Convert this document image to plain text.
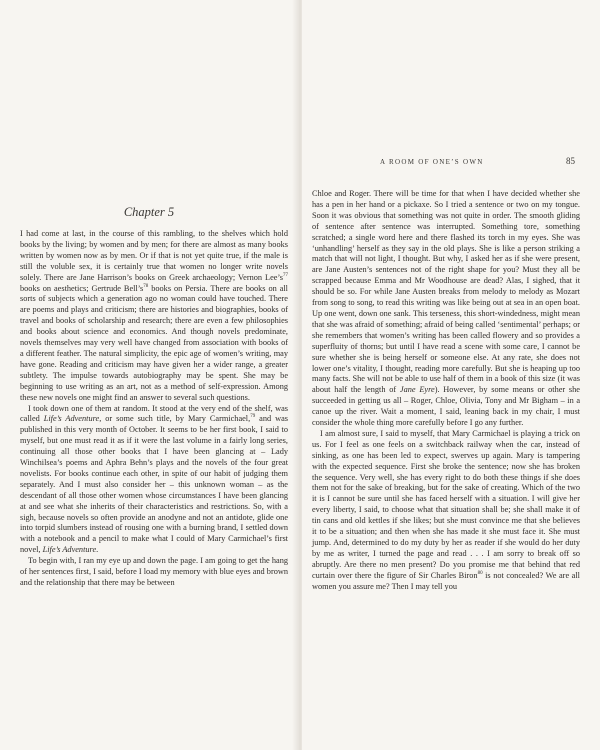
Chapter 5

I had come at last, in the course of this rambling, to the shelves which hold books by the living; by women and by men; for there are almost as many books written by women now as by men. Or if that is not yet quite true, if the male is still the voluble sex, it is certainly true that women no longer write novels solely. There are Jane Harrison’s books on Greek archaeology; Vernon $Lee’s^{77}$ books on aesthetics; Gertrude $Bell’s^{78}$ books on Persia. There are books on all sorts of subjects which a generation ago no woman could have touched. There are poems and plays and criticism; there are histories and biographies, books of travel and books of scholarship and research; there are even a few philosophies and books about science and economics. And though novels predominate, novels themselves may very well have changed from association with books of a different feather. The natural simplicity, the epic age of women’s writing, may have gone. Reading and criticism may have given her a wider range, a greater subtlety. The impulse towards autobiography may be spent. She may be beginning to use writing as an art, not as a method of self-expression. Among these new novels one might find an answer to several such questions.

I took down one of them at random. It stood at the very end of the shelf, was called Life’s Adventure, or some such title, by Mary Carmichael,$^{79}$ and was published in this very month of October. It seems to be her first book, I said to myself, but one must read it as if it were the last volume in a fairly long series, continuing all those other books that I have been glancing at – Lady Winchilsea’s poems and Aphra Behn’s plays and the novels of the four great novelists. For books continue each other, in spite of our habit of judging them separately. And I must also consider her – this unknown woman – as the descendant of all those other women whose circumstances I have been glancing at and see what she inherits of their characteristics and restrictions. So, with a sigh, because novels so often provide an anodyne and not an antidote, glide one into torpid slumbers instead of rousing one with a burning brand, I settled down with a notebook and a pencil to make what I could of Mary Carmichael’s first novel, Life’s Adventure.

To begin with, I ran my eye up and down the page. I am going to get the hang of her sentences first, I said, before I load my memory with blue eyes and brown and the relationship that there may be between

A ROOM OF ONE’S OWN	85

Chloe and Roger. There will be time for that when I have decided whether she has a pen in her hand or a pickaxe. So I tried a sentence or two on my tongue. Soon it was obvious that something was not quite in order. The smooth gliding of sentence after sentence was interrupted. Something tore, something scratched; a single word here and there flashed its torch in my eyes. She was ‘unhandling’ herself as they say in the old plays. She is like a person striking a match that will not light, I thought. But why, I asked her as if she were present, are Jane Austen’s sentences not of the right shape for you? Must they all be scrapped because Emma and Mr Woodhouse are dead? Alas, I sighed, that it should be so. For while Jane Austen breaks from melody to melody as Mozart from song to song, to read this writing was like being out at sea in an open boat. Up one went, down one sank. This terseness, this short-windedness, might mean that she was afraid of something; afraid of being called ‘sentimental’ perhaps; or she remembers that women’s writing has been called flowery and so provides a superfluity of thorns; but until I have read a scene with some care, I cannot be sure whether she is being herself or someone else. At any rate, she does not lower one’s vitality, I thought, reading more carefully. But she is heaping up too many facts. She will not be able to use half of them in a book of this size (it was about half the length of Jane Eyre). However, by some means or other she succeeded in getting us all – Roger, Chloe, Olivia, Tony and Mr Bigham – in a canoe up the river. Wait a moment, I said, leaning back in my chair, I must consider the whole thing more carefully before I go any further.

I am almost sure, I said to myself, that Mary Carmichael is playing a trick on us. For I feel as one feels on a switchback railway when the car, instead of sinking, as one has been led to expect, swerves up again. Mary is tampering with the expected sequence. First she broke the sentence; now she has broken the sequence. Very well, she has every right to do both these things if she does them not for the sake of breaking, but for the sake of creating. Which of the two it is I cannot be sure until she has faced herself with a situation. I will give her every liberty, I said, to choose what that situation shall be; she shall make it of tin cans and old kettles if she likes; but she must convince me that she believes it to be a situation; and then when she has made it she must face it. She must jump. And, determined to do my duty by her as reader if she would do her duty by me as writer, I turned the page and read . . . I am sorry to break off so abruptly. Are there no men present? Do you promise me that behind that red curtain over there the figure of Sir Charles Biron$^{80}$ is not concealed? We are all women you assure me? Then I may tell you
